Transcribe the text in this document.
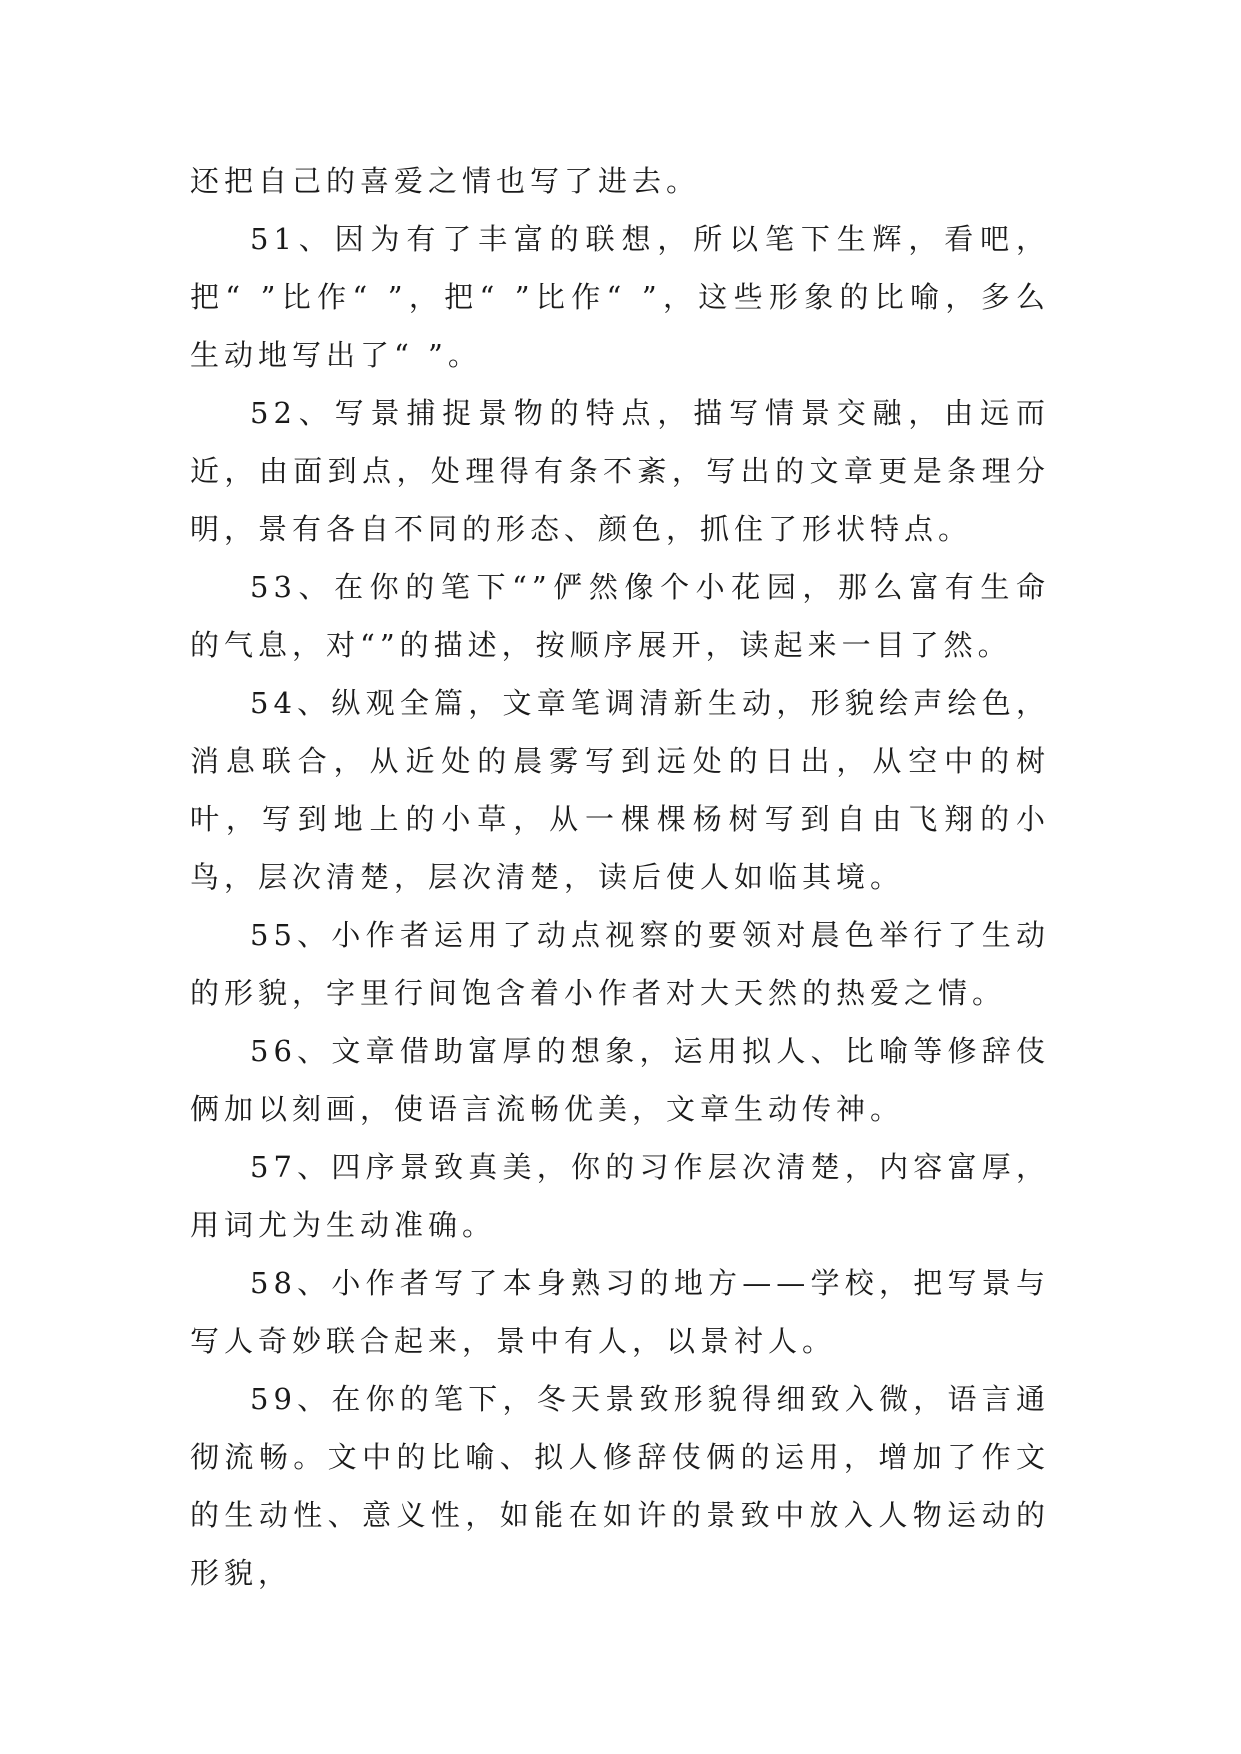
还把自己的喜爱之情也写了进去。

51、因为有了丰富的联想，所以笔下生辉，看吧，把“ ”比作“ ”，把“ ”比作“ ”，这些形象的比喻，多么生动地写出了“ ”。

52、写景捕捉景物的特点，描写情景交融，由远而近，由面到点，处理得有条不紊，写出的文章更是条理分明，景有各自不同的形态、颜色，抓住了形状特点。

53、在你的笔下“”俨然像个小花园，那么富有生命的气息，对“”的描述，按顺序展开，读起来一目了然。

54、纵观全篇，文章笔调清新生动，形貌绘声绘色，消息联合，从近处的晨雾写到远处的日出，从空中的树叶，写到地上的小草，从一棵棵杨树写到自由飞翔的小鸟，层次清楚，层次清楚，读后使人如临其境。

55、小作者运用了动点视察的要领对晨色举行了生动的形貌，字里行间饱含着小作者对大天然的热爱之情。

56、文章借助富厚的想象，运用拟人、比喻等修辞伎俩加以刻画，使语言流畅优美，文章生动传神。

57、四序景致真美，你的习作层次清楚，内容富厚，用词尤为生动准确。

58、小作者写了本身熟习的地方——学校，把写景与写人奇妙联合起来，景中有人，以景衬人。

59、在你的笔下，冬天景致形貌得细致入微，语言通彻流畅。文中的比喻、拟人修辞伎俩的运用，增加了作文的生动性、意义性，如能在如许的景致中放入人物运动的形貌，
